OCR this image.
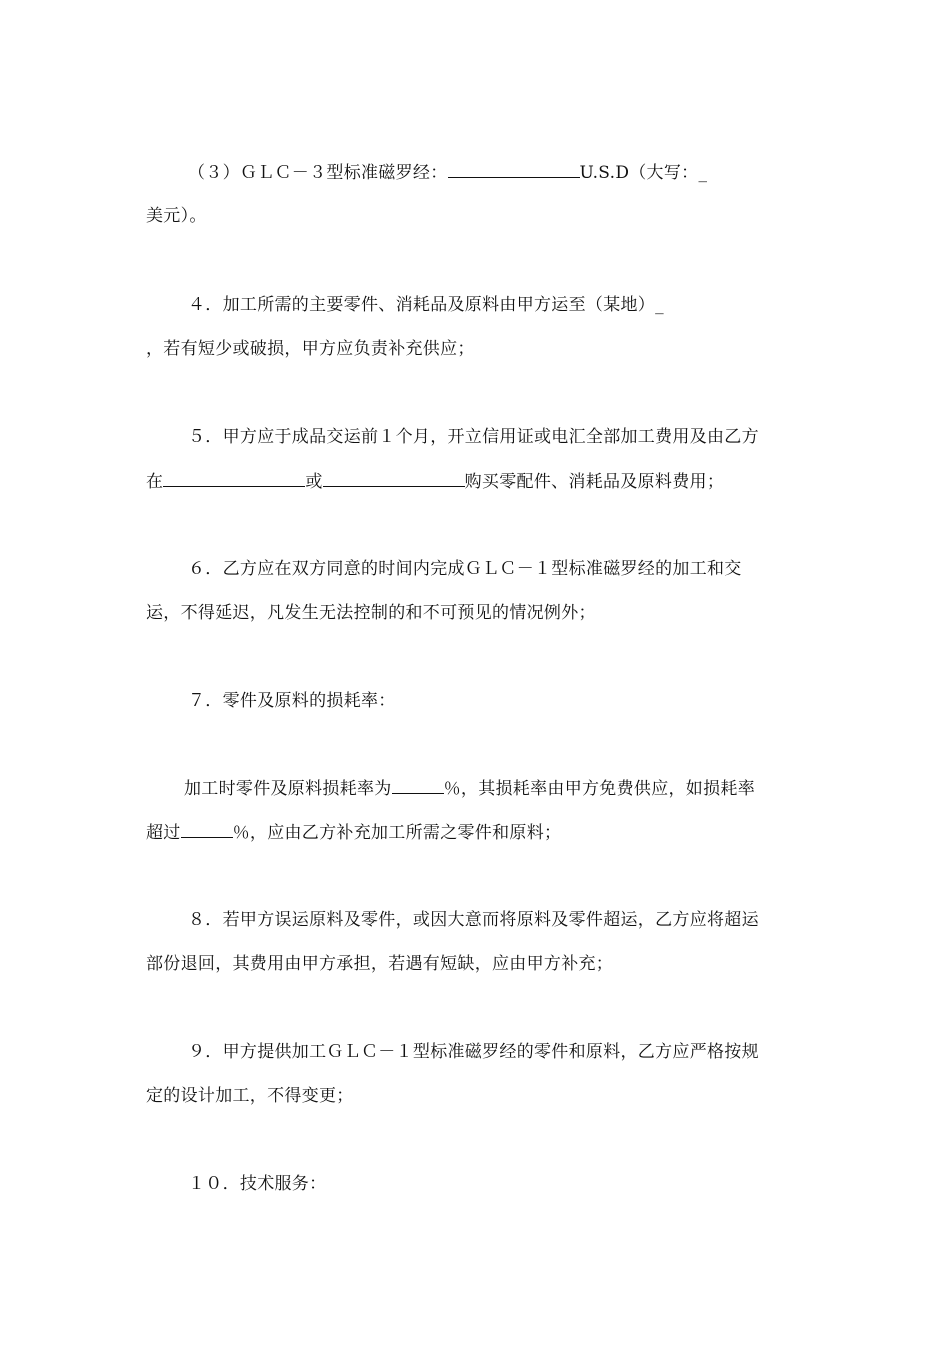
（３）ＧＬＣ－３型标准磁罗经：	U.S.D（大写：_
美元）。
４．加工所需的主要零件、消耗品及原料由甲方运至（某地）_
，若有短少或破损，甲方应负责补充供应；
５．甲方应于成品交运前１个月，开立信用证或电汇全部加工费用及由乙方
在	或	购买零配件、消耗品及原料费用；
６．乙方应在双方同意的时间内完成ＧＬＣ－１型标准磁罗经的加工和交
运，不得延迟，凡发生无法控制的和不可预见的情况例外；
７．零件及原料的损耗率：
加工时零件及原料损耗率为	％，其损耗率由甲方免费供应，如损耗率
超过	％，应由乙方补充加工所需之零件和原料；
８．若甲方误运原料及零件，或因大意而将原料及零件超运，乙方应将超运
部份退回，其费用由甲方承担，若遇有短缺，应由甲方补充；
９．甲方提供加工ＧＬＣ－１型标准磁罗经的零件和原料，乙方应严格按规
定的设计加工，不得变更；
１０．技术服务：
